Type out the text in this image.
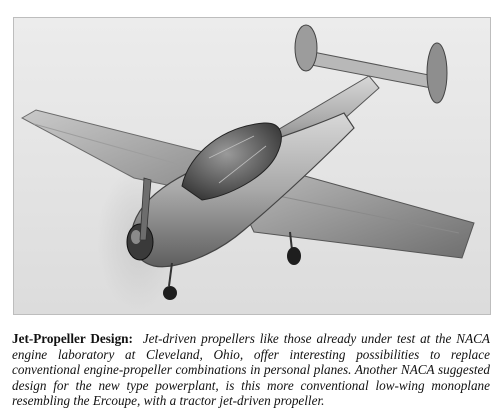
Jet-Propeller Design: Jet-driven propellers like those already under test at the NACA engine laboratory at Cleveland, Ohio, offer interesting possibilities to replace conventional engine-propeller combinations in personal planes. Another NACA suggested design for the new type powerplant, is this more conventional low-wing monoplane resembling the Ercoupe, with a tractor jet-driven propeller.
